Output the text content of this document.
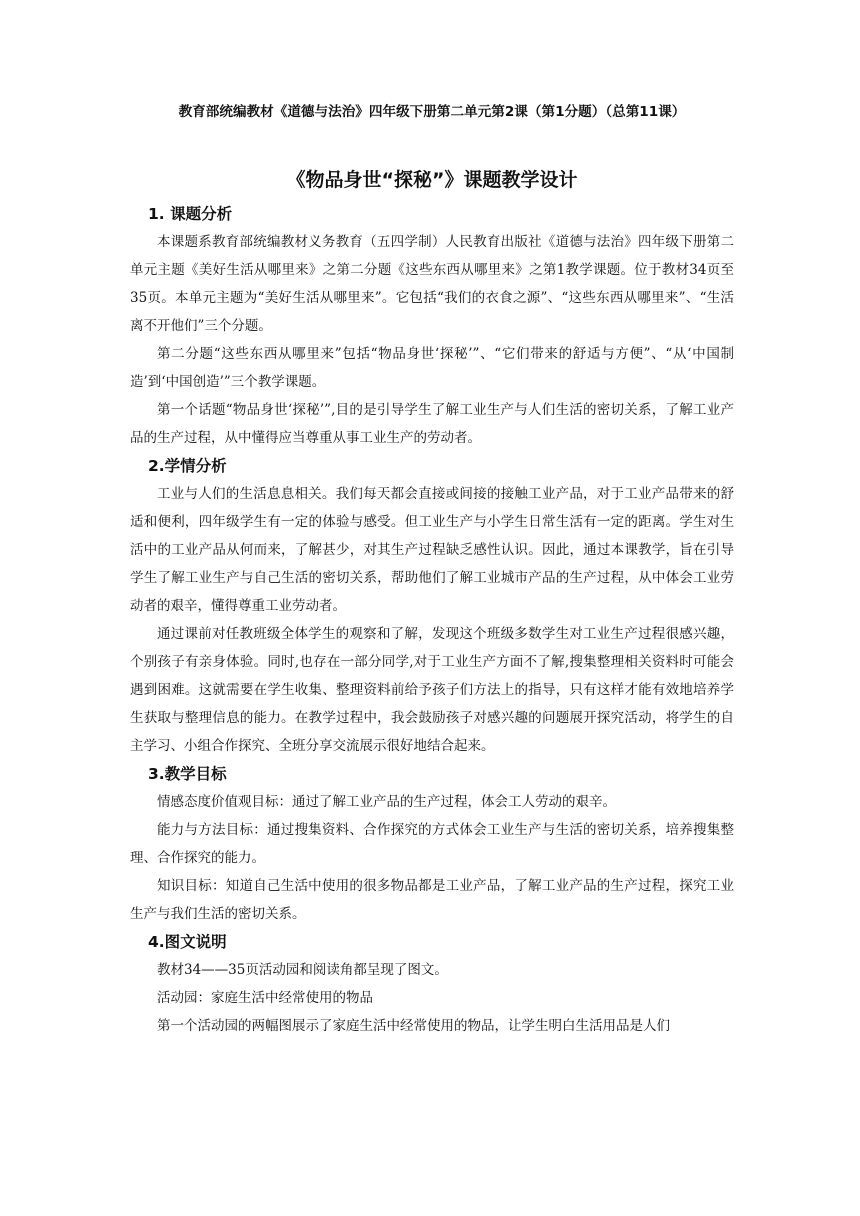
教育部统编教材《道德与法治》四年级下册第二单元第2课（第1分题）（总第11课）
《物品身世“探秘”》课题教学设计
1. 课题分析

本课题系教育部统编教材义务教育（五四学制）人民教育出版社《道德与法治》四年级下册第二单元主题《美好生活从哪里来》之第二分题《这些东西从哪里来》之第1教学课题。位于教材34页至35页。本单元主题为“美好生活从哪里来”。它包括“我们的衣食之源”、“这些东西从哪里来”、“生活离不开他们”三个分题。

第二分题“这些东西从哪里来”包括“物品身世‘探秘’”、“它们带来的舒适与方便”、“从‘中国制造’到‘中国创造’”三个教学课题。

第一个话题“物品身世‘探秘’”,目的是引导学生了解工业生产与人们生活的密切关系，了解工业产品的生产过程，从中懂得应当尊重从事工业生产的劳动者。

2.学情分析

工业与人们的生活息息相关。我们每天都会直接或间接的接触工业产品，对于工业产品带来的舒适和便利，四年级学生有一定的体验与感受。但工业生产与小学生日常生活有一定的距离。学生对生活中的工业产品从何而来，了解甚少，对其生产过程缺乏感性认识。因此，通过本课教学，旨在引导学生了解工业生产与自己生活的密切关系，帮助他们了解工业城市产品的生产过程，从中体会工业劳动者的艰辛，懂得尊重工业劳动者。

通过课前对任教班级全体学生的观察和了解，发现这个班级多数学生对工业生产过程很感兴趣，个别孩子有亲身体验。同时,也存在一部分同学,对于工业生产方面不了解,搜集整理相关资料时可能会遇到困难。这就需要在学生收集、整理资料前给予孩子们方法上的指导，只有这样才能有效地培养学生获取与整理信息的能力。在教学过程中，我会鼓励孩子对感兴趣的问题展开探究活动，将学生的自主学习、小组合作探究、全班分享交流展示很好地结合起来。

3.教学目标

情感态度价值观目标：通过了解工业产品的生产过程，体会工人劳动的艰辛。

能力与方法目标：通过搜集资料、合作探究的方式体会工业生产与生活的密切关系，培养搜集整理、合作探究的能力。

知识目标：知道自己生活中使用的很多物品都是工业产品，了解工业产品的生产过程，探究工业生产与我们生活的密切关系。

4.图文说明

教材34——35页活动园和阅读角都呈现了图文。

活动园：家庭生活中经常使用的物品

第一个活动园的两幅图展示了家庭生活中经常使用的物品，让学生明白生活用品是人们
